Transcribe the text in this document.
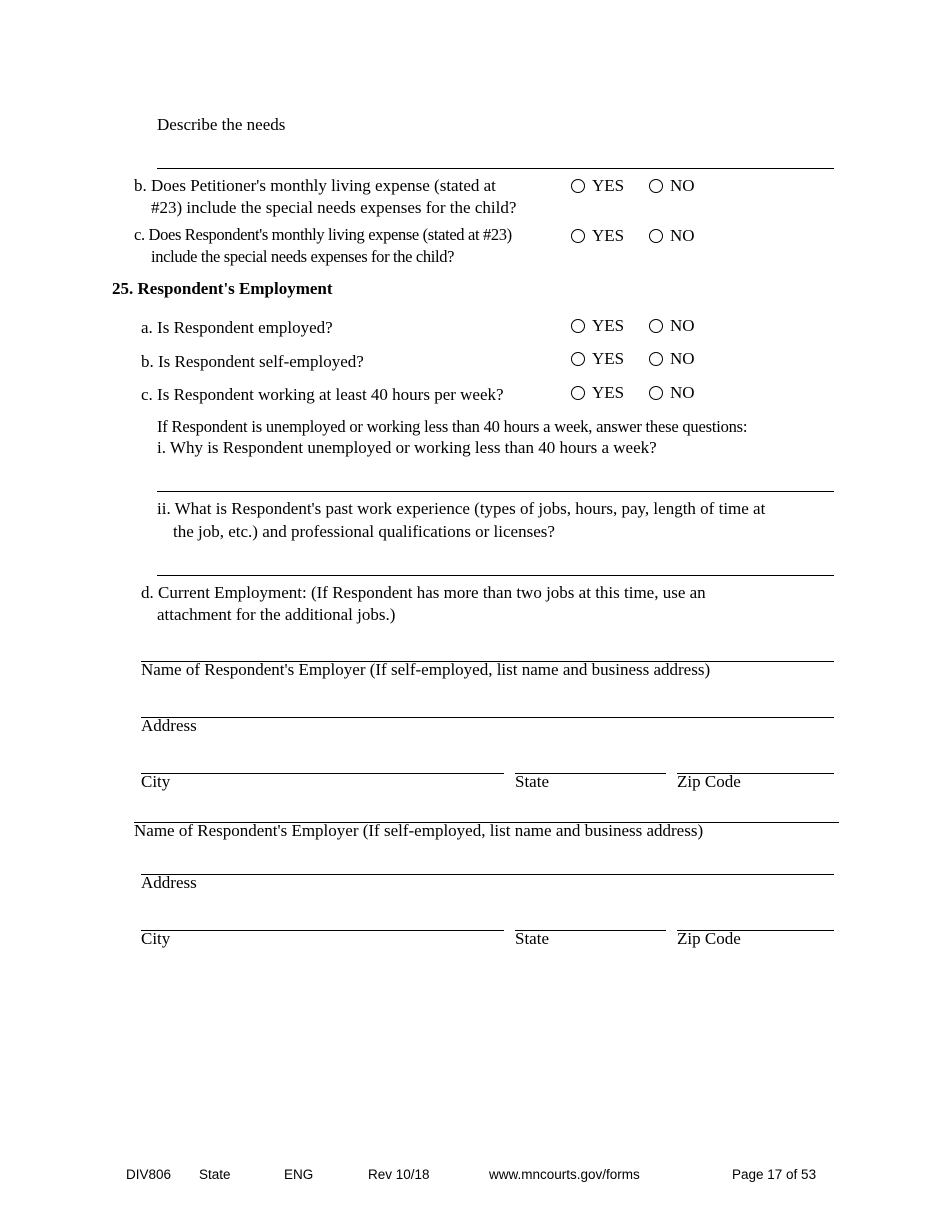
Describe the needs
b. Does Petitioner's monthly living expense (stated at
#23) include the special needs expenses for the child?
YES	NO
c. Does Respondent's monthly living expense (stated at #23)
include the special needs expenses for the child?
YES	NO
25. Respondent's Employment
a. Is Respondent employed?	YES	NO
b. Is Respondent self-employed?	YES	NO
c. Is Respondent working at least 40 hours per week?	YES	NO
If Respondent is unemployed or working less than 40 hours a week, answer these questions:
i. Why is Respondent unemployed or working less than 40 hours a week?
ii. What is Respondent's past work experience (types of jobs, hours, pay, length of time at
the job, etc.) and professional qualifications or licenses?
d. Current Employment: (If Respondent has more than two jobs at this time, use an
attachment for the additional jobs.)
Name of Respondent's Employer (If self-employed, list name and business address)
Address
City	State	Zip Code
Name of Respondent's Employer (If self-employed, list name and business address)
Address
City	State	Zip Code
DIV806 State	ENG	Rev 10/18	www.mncourts.gov/forms	Page 17 of 53
